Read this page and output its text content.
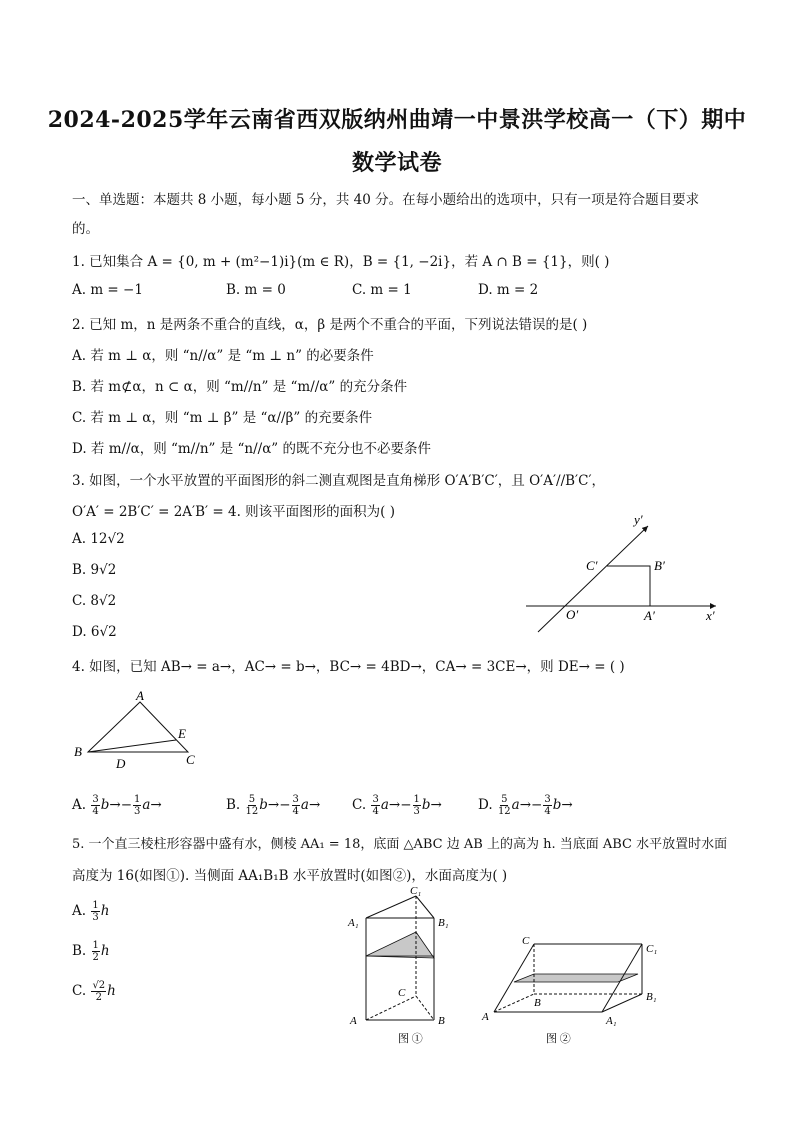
2024-2025学年云南省西双版纳州曲靖一中景洪学校高一（下）期中
数学试卷
一、单选题：本题共 8 小题，每小题 5 分，共 40 分。在每小题给出的选项中，只有一项是符合题目要求
的。
1. 已知集合 A = {0, m + (m²−1)i}(m ∈ R)，B = {1, −2i}，若 A ∩ B = {1}，则( )
A. m = −1	B. m = 0	C. m = 1	D. m = 2
2. 已知 m，n 是两条不重合的直线，α，β 是两个不重合的平面，下列说法错误的是( )
A. 若 m ⊥ α，则 “n//α” 是 “m ⊥ n” 的必要条件
B. 若 m⊄α，n ⊂ α，则 “m//n” 是 “m//α” 的充分条件
C. 若 m ⊥ α，则 “m ⊥ β” 是 “α//β” 的充要条件
D. 若 m//α，则 “m//n” 是 “n//α” 的既不充分也不必要条件
3. 如图，一个水平放置的平面图形的斜二测直观图是直角梯形 O′A′B′C′，且 O′A′//B′C′，
O′A′ = 2B′C′ = 2A′B′ = 4. 则该平面图形的面积为( )
A. 12√2
B. 9√2
C. 8√2
D. 6√2
y′
x′
O′	A′
B′
C′
4. 如图，已知 AB→ = a→，AC→ = b→，BC→ = 4BD→，CA→ = 3CE→，则 DE→ = ( )
A
B
C
D
E
A. $\frac{3}{4} b\to- \frac{1}{3} a\to$	B. $\frac{5}{12} b\to- \frac{3}{4} a\to C$. $\frac{3}{4} a\to- \frac{1}{3} b\to$	D. $\frac{5}{12} a\to- \frac{3}{4} b\to$
5. 一个直三棱柱形容器中盛有水，侧棱 AA₁ = 18，底面 △ABC 边 AB 上的高为 h. 当底面 ABC 水平放置时水面
高度为 16(如图①). 当侧面 AA₁B₁B 水平放置时(如图②)，水面高度为( )
A. $\frac{1}{3}$ h
B. $\frac{1}{2}$ h
C. $\frac{√2}{2}$ h
A₁	B₁
C₁
A	B
C
图 ①
C
C₁
B	B₁
A	A₁
图 ②
